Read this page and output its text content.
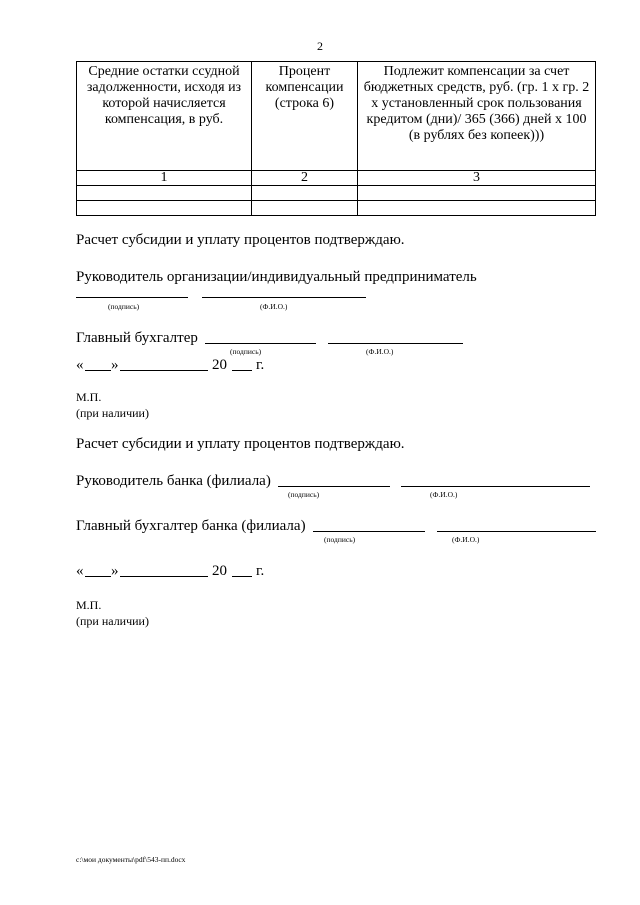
2
Средние остатки ссудной задолженности, исходя из которой начисляется компенсация, в руб.	Процент компенсации (строка 6)	Подлежит компенсации за счет бюджетных средств, руб. (гр. 1 х гр. 2 х установленный срок пользования кредитом (дни)/ 365 (366) дней х 100 (в рублях без копеек)))
1	2	3

Расчет субсидии и уплату процентов подтверждаю.
Руководитель организации/индивидуальный предприниматель
(подпись)	(Ф.И.О.)
Главный бухгалтер
(подпись)	(Ф.И.О.)
« »	20 г.
М.П.
(при наличии)
Расчет субсидии и уплату процентов подтверждаю.
Руководитель банка (филиала)
(подпись)	(Ф.И.О.)
Главный бухгалтер банка (филиала)
(подпись)	(Ф.И.О.)
« »	20 г.
М.П.
(при наличии)
c:\мои документы\pdf\543-пп.docx
